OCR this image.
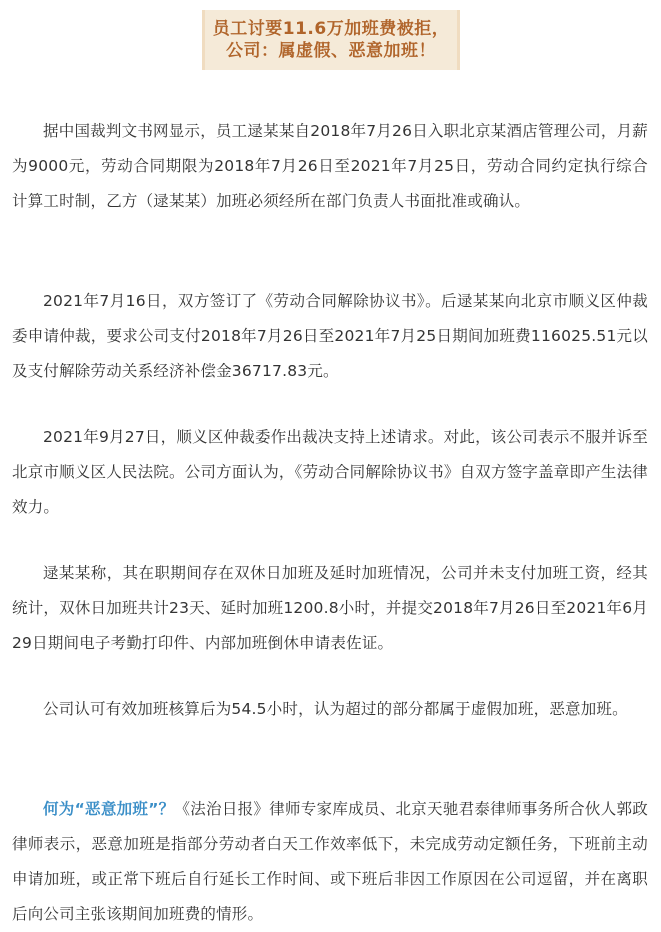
员工讨要11.6万加班费被拒，
公司：属虚假、恶意加班！

据中国裁判文书网显示，员工逯某某自2018年7月26日入职北京某酒店管理公司，月薪为9000元，劳动合同期限为2018年7月26日至2021年7月25日，劳动合同约定执行综合计算工时制，乙方（逯某某）加班必须经所在部门负责人书面批准或确认。

2021年7月16日，双方签订了《劳动合同解除协议书》。后逯某某向北京市顺义区仲裁委申请仲裁，要求公司支付2018年7月26日至2021年7月25日期间加班费116025.51元以及支付解除劳动关系经济补偿金36717.83元。

2021年9月27日，顺义区仲裁委作出裁决支持上述请求。对此，该公司表示不服并诉至北京市顺义区人民法院。公司方面认为，《劳动合同解除协议书》自双方签字盖章即产生法律效力。

逯某某称，其在职期间存在双休日加班及延时加班情况，公司并未支付加班工资，经其统计，双休日加班共计23天、延时加班1200.8小时，并提交2018年7月26日至2021年6月29日期间电子考勤打印件、内部加班倒休申请表佐证。

公司认可有效加班核算后为54.5小时，认为超过的部分都属于虚假加班，恶意加班。

何为“恶意加班”？《法治日报》律师专家库成员、北京天驰君泰律师事务所合伙人郭政律师表示，恶意加班是指部分劳动者白天工作效率低下，未完成劳动定额任务，下班前主动申请加班，或正常下班后自行延长工作时间、或下班后非因工作原因在公司逗留，并在离职后向公司主张该期间加班费的情形。
